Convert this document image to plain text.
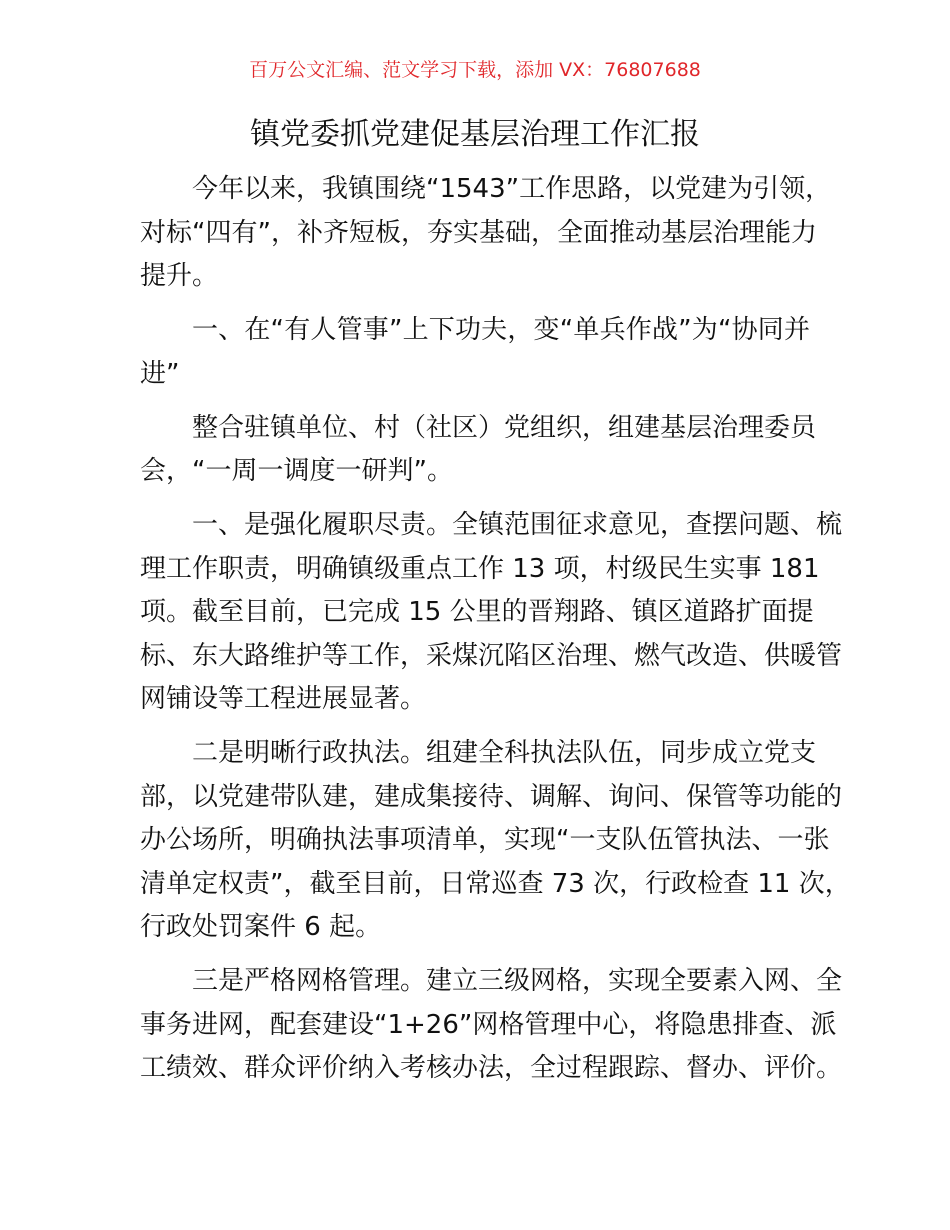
百万公文汇编、范文学习下载，添加 VX：76807688
镇党委抓党建促基层治理工作汇报
今年以来，我镇围绕“1543”工作思路，以党建为引领，
对标“四有”，补齐短板，夯实基础，全面推动基层治理能力
提升。
一、在“有人管事”上下功夫，变“单兵作战”为“协同并
进”
整合驻镇单位、村（社区）党组织，组建基层治理委员
会，“一周一调度一研判”。
一、是强化履职尽责。全镇范围征求意见，查摆问题、梳
理工作职责，明确镇级重点工作 13 项，村级民生实事 181
项。截至目前，已完成 15 公里的晋翔路、镇区道路扩面提
标、东大路维护等工作，采煤沉陷区治理、燃气改造、供暖管
网铺设等工程进展显著。
二是明晰行政执法。组建全科执法队伍，同步成立党支
部，以党建带队建，建成集接待、调解、询问、保管等功能的
办公场所，明确执法事项清单，实现“一支队伍管执法、一张
清单定权责”，截至目前，日常巡查 73 次，行政检查 11 次，
行政处罚案件 6 起。
三是严格网格管理。建立三级网格，实现全要素入网、全
事务进网，配套建设“1+26”网格管理中心，将隐患排查、派
工绩效、群众评价纳入考核办法，全过程跟踪、督办、评价。
